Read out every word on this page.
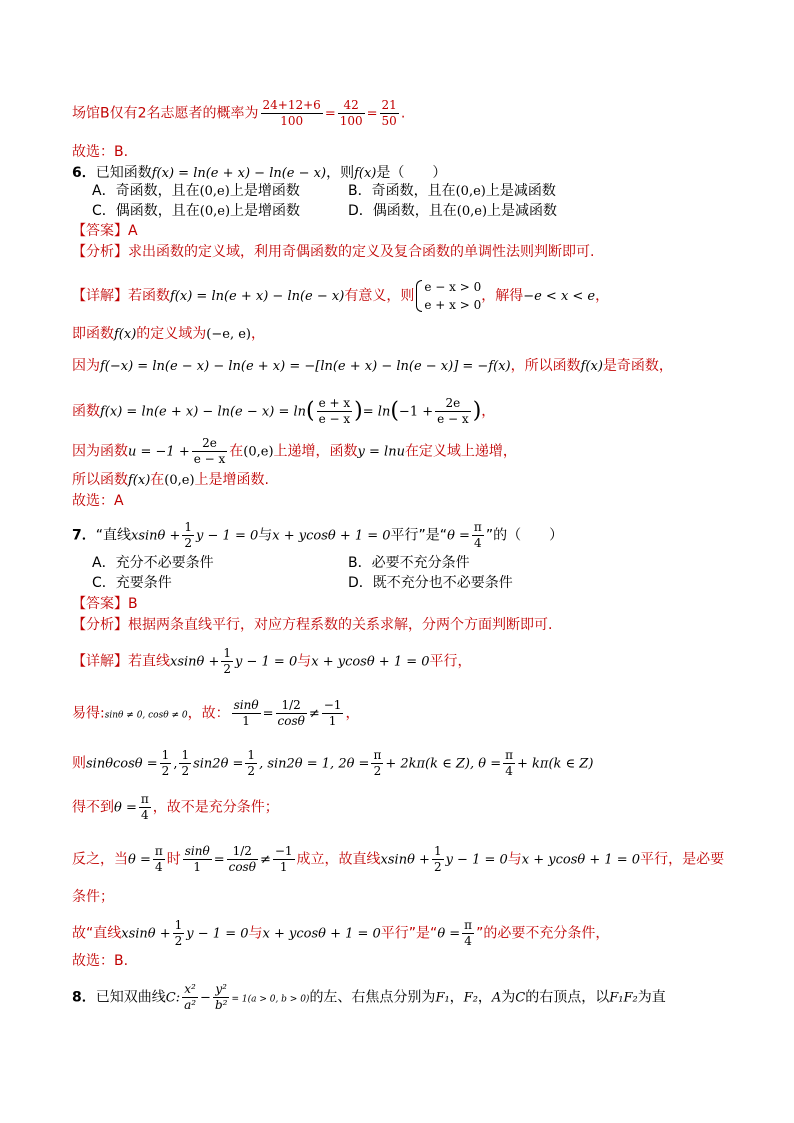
场馆B仅有2名志愿者的概率为 $\frac{24+12+6}{100} = \frac{42}{100} = \frac{21}{50}$ .
故选：B.
6．已知函数f(x) = ln(e + x) − ln(e − x)，则f(x)是（　　）
A．奇函数，且在(0,e)上是增函数	B．奇函数，且在(0,e)上是减函数
C．偶函数，且在(0,e)上是增函数	D．偶函数，且在(0,e)上是减函数
【答案】A
【分析】求出函数的定义域，利用奇偶函数的定义及复合函数的单调性法则判断即可.
【详解】若函数f(x) = ln(e + x) − ln(e − x)有意义，则
e − x > 0
e + x > 0
，解得−e < x < e，
即函数f(x)的定义域为(−e, e)，
因为f(−x) = ln(e − x) − ln(e + x) = −[ln(e + x) − ln(e − x)] = −f(x)，所以函数f(x)是奇函数，
函数$f(x) = \ln(e + x) - \ln(e - x) = \ln( \frac{e + x}{e - x}$ )= $\ln(-1 + \frac{2e}{e - x}$ )，
因为函数$u = -1 + \frac{2e}{e - x}$ 在(0,e)上递增，函数y = lnu在定义域上递增，
所以函数f(x)在(0,e)上是增函数.
故选：A
7．“直线$xsin\theta + \frac{1}{2}$ y − 1 = 0与x + ycosθ + 1 = 0平行”是“$\theta = \frac{\pi}{4}$ ”的（　　）
A．充分不必要条件	B．必要不充分条件
C．充要条件	D．既不充分也不必要条件
【答案】B
【分析】根据两条直线平行，对应方程系数的关系求解，分两个方面判断即可.
【详解】若直线$xsin\theta + \frac{1}{2}$ y − 1 = 0与x + ycosθ + 1 = 0平行，
易得:sinθ ≠ 0, cosθ ≠ 0，故： $\frac{\sin\theta}{1} = \frac{1/2}{\cos\theta} \ne \frac{-1}{1}$ ，
则$\sin\theta\cos\theta = \frac{1}{2}$ , $\frac{1}{2} \sin 2\theta = \frac{1}{2}$ , sin2θ = 1, $2\theta = \frac{\pi}{2} + 2k\pi(k$ ∈ Z), $\theta = \frac{\pi}{4} + k\pi(k$ ∈ Z)
得不到$\theta = \frac{\pi}{4}$ ，故不是充分条件；
反之，当$\theta = \frac{\pi}{4}$ 时 $\frac{\sin\theta}{1} = \frac{1/2}{\cos\theta} \ne \frac{-1}{1}$ 成立，故直线$xsin\theta + \frac{1}{2}$ y − 1 = 0与x + ycosθ + 1 = 0平行，是必要
条件；
故“直线$xsin\theta + \frac{1}{2}$ y − 1 = 0与x + ycosθ + 1 = 0平行”是“$\theta = \frac{\pi}{4}$ ”的必要不充分条件，
故选：B.
8．已知双曲线C: $\frac{\text{x²}}{\text{a²}} - \frac{\text{y²}}{\text{b²}} = 1(a > 0$, b > 0)的左、右焦点分别为F₁，F₂，A为C的右顶点，以F₁F₂为直
